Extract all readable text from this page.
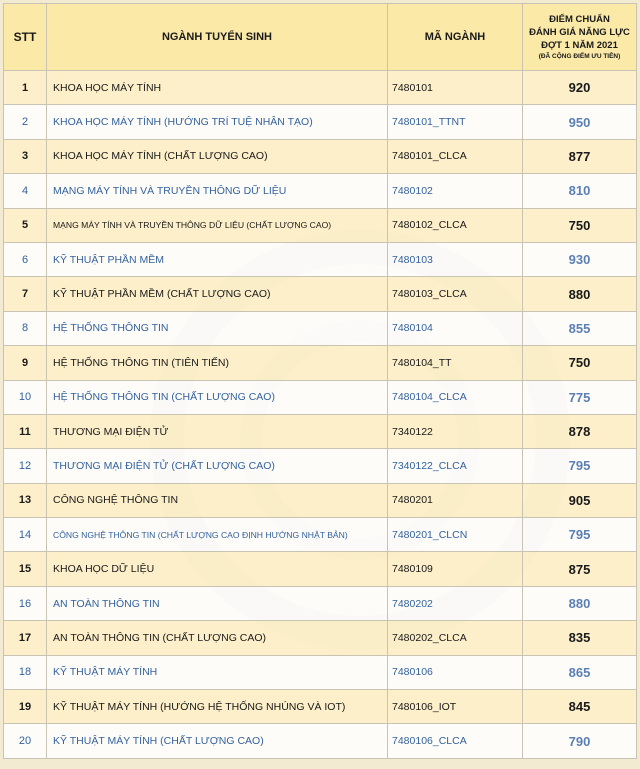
STT	NGÀNH TUYỂN SINH	MÃ NGÀNH	ĐIỂM CHUẨN
ĐÁNH GIÁ NĂNG LỰC
ĐỢT 1 NĂM 2021
(ĐÃ CỘNG ĐIỂM ƯU TIÊN)

1	KHOA HỌC MÁY TÍNH	7480101	920
2	KHOA HỌC MÁY TÍNH (HƯỚNG TRÍ TUỆ NHÂN TẠO)	7480101_TTNT	950
3	KHOA HỌC MÁY TÍNH (CHẤT LƯỢNG CAO)	7480101_CLCA	877
4	MẠNG MÁY TÍNH VÀ TRUYỀN THÔNG DỮ LIỆU	7480102	810
5	MẠNG MÁY TÍNH VÀ TRUYỀN THÔNG DỮ LIỆU (CHẤT LƯỢNG CAO)	7480102_CLCA	750
6	KỸ THUẬT PHẦN MỀM	7480103	930
7	KỸ THUẬT PHẦN MỀM (CHẤT LƯỢNG CAO)	7480103_CLCA	880
8	HỆ THỐNG THÔNG TIN	7480104	855
9	HỆ THỐNG THÔNG TIN (TIÊN TIẾN)	7480104_TT	750
10	HỆ THỐNG THÔNG TIN (CHẤT LƯỢNG CAO)	7480104_CLCA	775
11	THƯƠNG MẠI ĐIỆN TỬ	7340122	878
12	THƯƠNG MẠI ĐIỆN TỬ (CHẤT LƯỢNG CAO)	7340122_CLCA	795
13	CÔNG NGHỆ THÔNG TIN	7480201	905
14	CÔNG NGHỆ THÔNG TIN (CHẤT LƯỢNG CAO ĐỊNH HƯỚNG NHẬT BẢN)	7480201_CLCN	795
15	KHOA HỌC DỮ LIỆU	7480109	875
16	AN TOÀN THÔNG TIN	7480202	880
17	AN TOÀN THÔNG TIN (CHẤT LƯỢNG CAO)	7480202_CLCA	835
18	KỸ THUẬT MÁY TÍNH	7480106	865
19	KỸ THUẬT MÁY TÍNH (HƯỚNG HỆ THỐNG NHÚNG VÀ IOT)	7480106_IOT	845
20	KỸ THUẬT MÁY TÍNH (CHẤT LƯỢNG CAO)	7480106_CLCA	790
